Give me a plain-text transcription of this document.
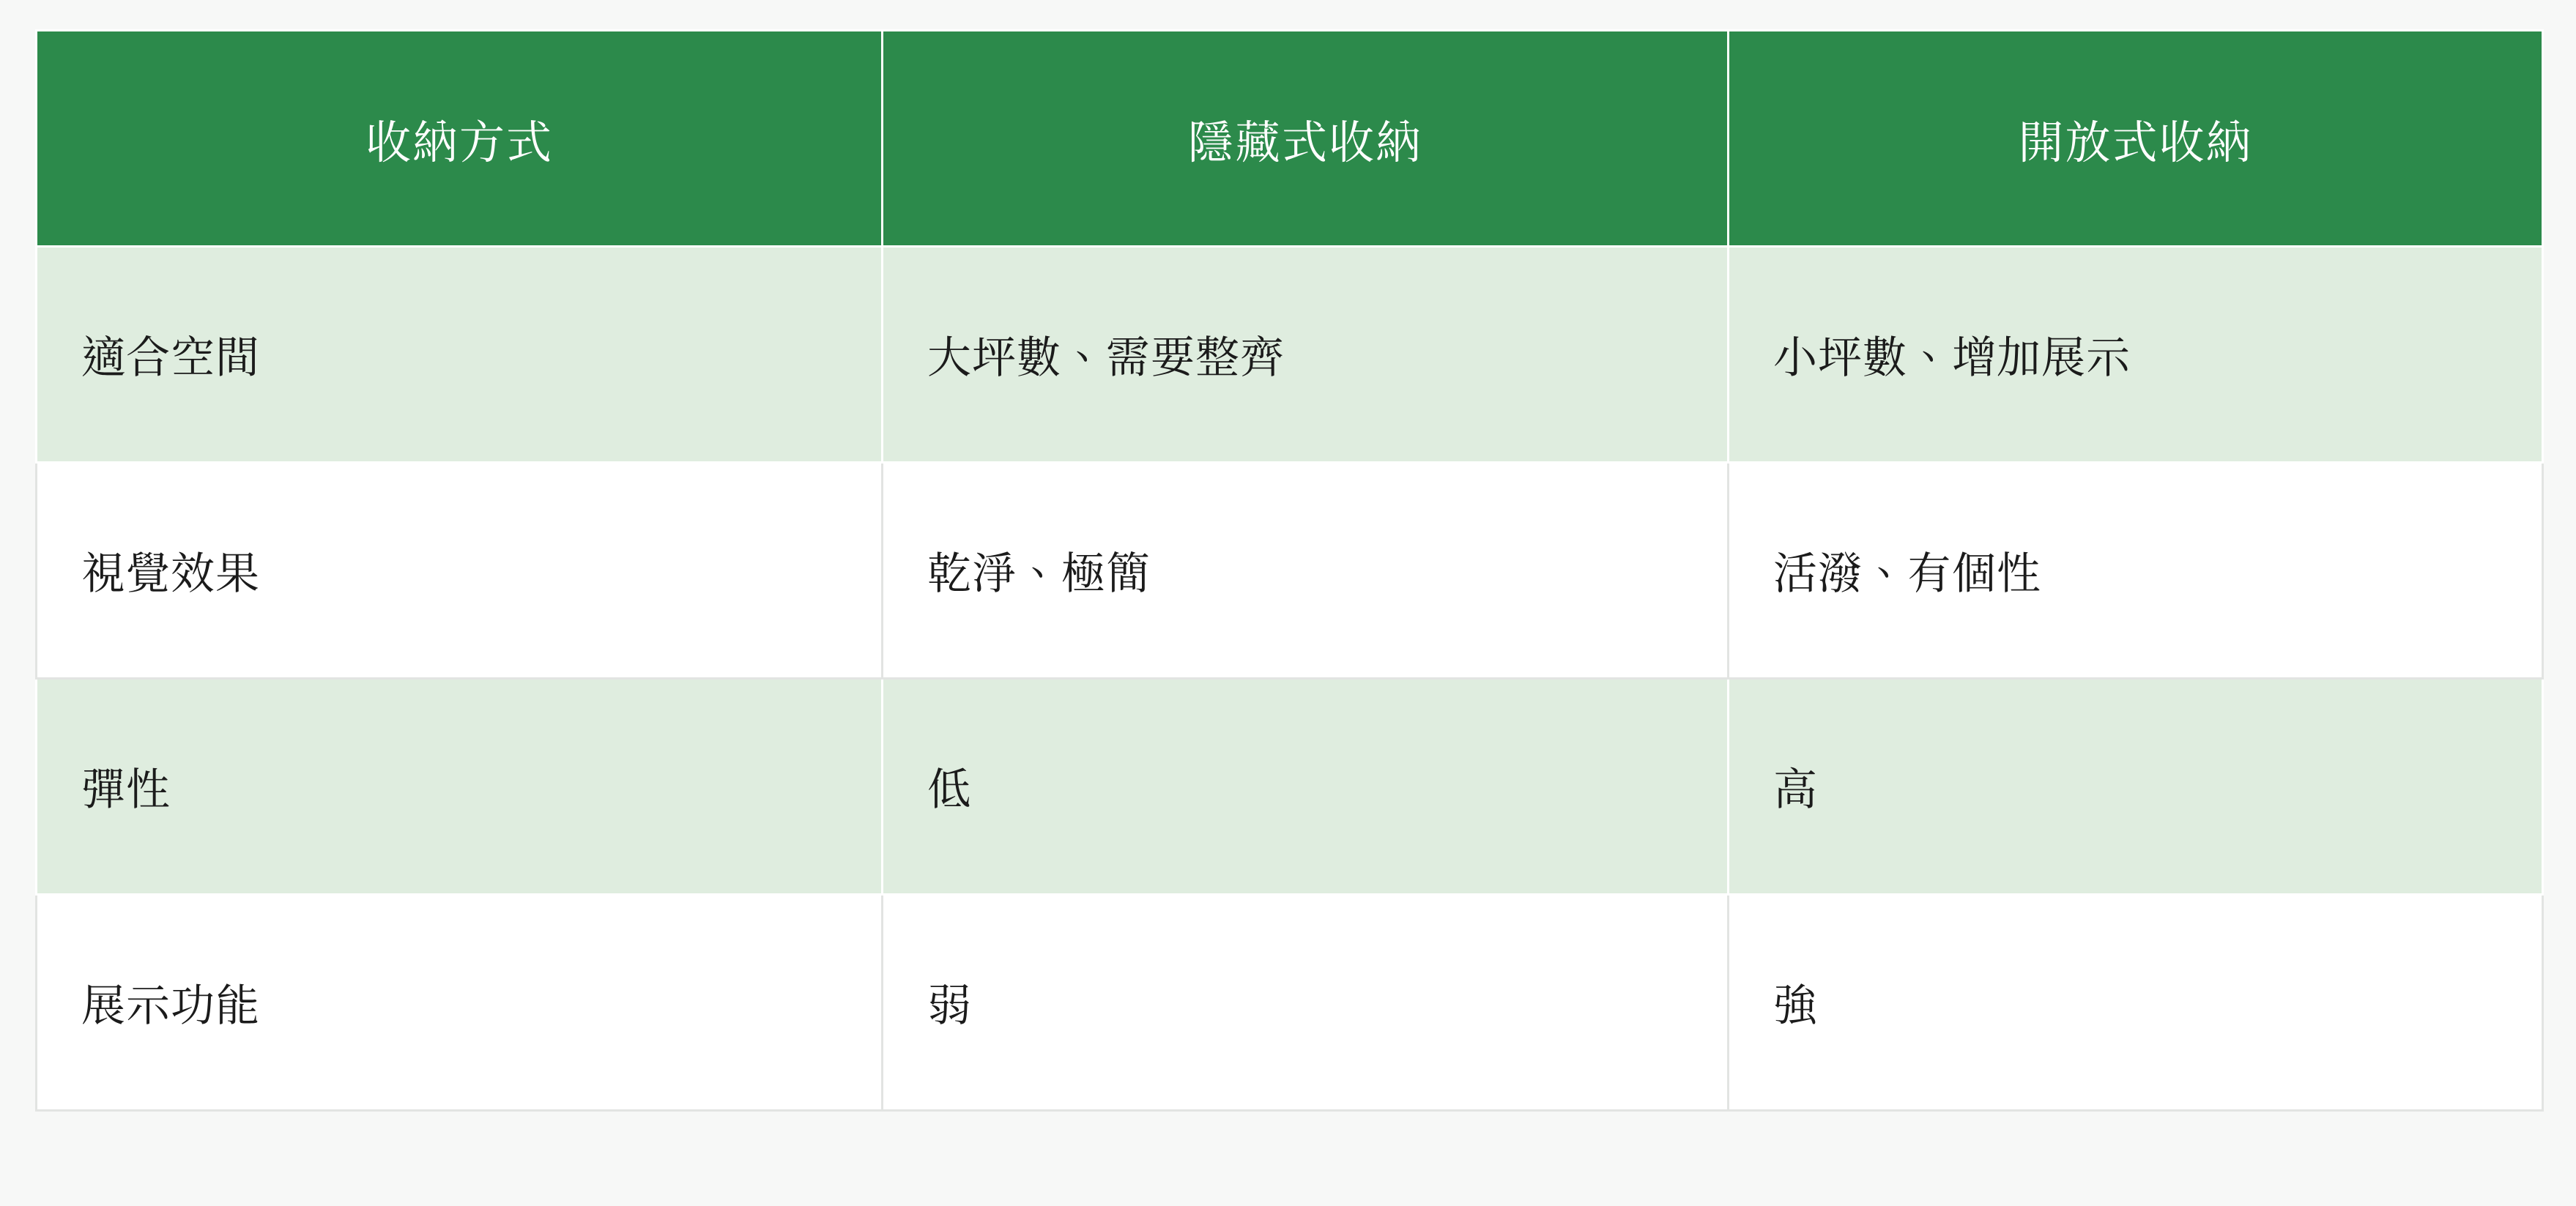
收納方式	隱藏式收納	開放式收納
適合空間	大坪數、需要整齊	小坪數、增加展示
視覺效果	乾淨、極簡	活潑、有個性
彈性	低	高
展示功能	弱	強
